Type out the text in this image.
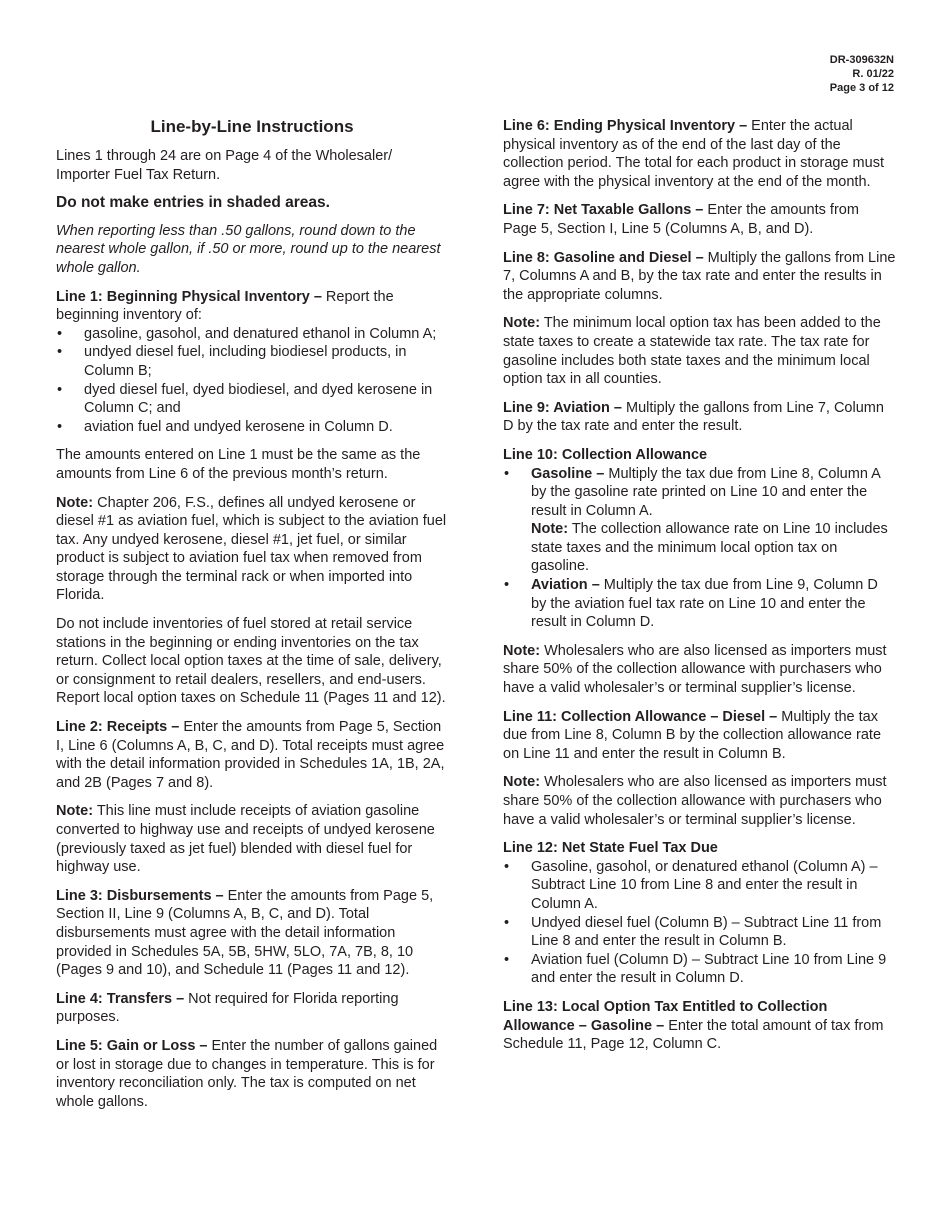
DR-309632N
R. 01/22
Page 3 of 12
Line-by-Line Instructions

Lines 1 through 24 are on Page 4 of the Wholesaler/ Importer Fuel Tax Return.

Do not make entries in shaded areas.

When reporting less than .50 gallons, round down to the nearest whole gallon, if .50 or more, round up to the nearest whole gallon.

Line 1: Beginning Physical Inventory – Report the beginning inventory of:

• gasoline, gasohol, and denatured ethanol in Column A;
• undyed diesel fuel, including biodiesel products, in Column B;
• dyed diesel fuel, dyed biodiesel, and dyed kerosene in Column C; and
• aviation fuel and undyed kerosene in Column D.

The amounts entered on Line 1 must be the same as the amounts from Line 6 of the previous month’s return.

Note: Chapter 206, F.S., defines all undyed kerosene or diesel #1 as aviation fuel, which is subject to the aviation fuel tax. Any undyed kerosene, diesel #1, jet fuel, or similar product is subject to aviation fuel tax when removed from storage through the terminal rack or when imported into Florida.

Do not include inventories of fuel stored at retail service stations in the beginning or ending inventories on the tax return. Collect local option taxes at the time of sale, delivery, or consignment to retail dealers, resellers, and end-users. Report local option taxes on Schedule 11 (Pages 11 and 12).

Line 2: Receipts – Enter the amounts from Page 5, Section I, Line 6 (Columns A, B, C, and D). Total receipts must agree with the detail information provided in Schedules 1A, 1B, 2A, and 2B (Pages 7 and 8).

Note: This line must include receipts of aviation gasoline converted to highway use and receipts of undyed kerosene (previously taxed as jet fuel) blended with diesel fuel for highway use.

Line 3: Disbursements – Enter the amounts from Page 5, Section II, Line 9 (Columns A, B, C, and D). Total disbursements must agree with the detail information provided in Schedules 5A, 5B, 5HW, 5LO, 7A, 7B, 8, 10 (Pages 9 and 10), and Schedule 11 (Pages 11 and 12).

Line 4: Transfers – Not required for Florida reporting purposes.

Line 5: Gain or Loss – Enter the number of gallons gained or lost in storage due to changes in temperature. This is for inventory reconciliation only. The tax is computed on net whole gallons.

Line 6: Ending Physical Inventory – Enter the actual physical inventory as of the end of the last day of the collection period. The total for each product in storage must agree with the physical inventory at the end of the month.

Line 7: Net Taxable Gallons – Enter the amounts from Page 5, Section I, Line 5 (Columns A, B, and D).

Line 8: Gasoline and Diesel – Multiply the gallons from Line 7, Columns A and B, by the tax rate and enter the results in the appropriate columns.

Note: The minimum local option tax has been added to the state taxes to create a statewide tax rate. The tax rate for gasoline includes both state taxes and the minimum local option tax in all counties.

Line 9: Aviation – Multiply the gallons from Line 7, Column D by the tax rate and enter the result.

Line 10: Collection Allowance

• Gasoline – Multiply the tax due from Line 8, Column A by the gasoline rate printed on Line 10 and enter the result in Column A.
Note: The collection allowance rate on Line 10 includes state taxes and the minimum local option tax on gasoline.
• Aviation – Multiply the tax due from Line 9, Column D by the aviation fuel tax rate on Line 10 and enter the result in Column D.

Note: Wholesalers who are also licensed as importers must share 50% of the collection allowance with purchasers who have a valid wholesaler’s or terminal supplier’s license.

Line 11: Collection Allowance – Diesel – Multiply the tax due from Line 8, Column B by the collection allowance rate on Line 11 and enter the result in Column B.

Note: Wholesalers who are also licensed as importers must share 50% of the collection allowance with purchasers who have a valid wholesaler’s or terminal supplier’s license.

Line 12: Net State Fuel Tax Due

• Gasoline, gasohol, or denatured ethanol (Column A) – Subtract Line 10 from Line 8 and enter the result in Column A.
• Undyed diesel fuel (Column B) – Subtract Line 11 from Line 8 and enter the result in Column B.
• Aviation fuel (Column D) – Subtract Line 10 from Line 9 and enter the result in Column D.

Line 13: Local Option Tax Entitled to Collection Allowance – Gasoline – Enter the total amount of tax from Schedule 11, Page 12, Column C.
